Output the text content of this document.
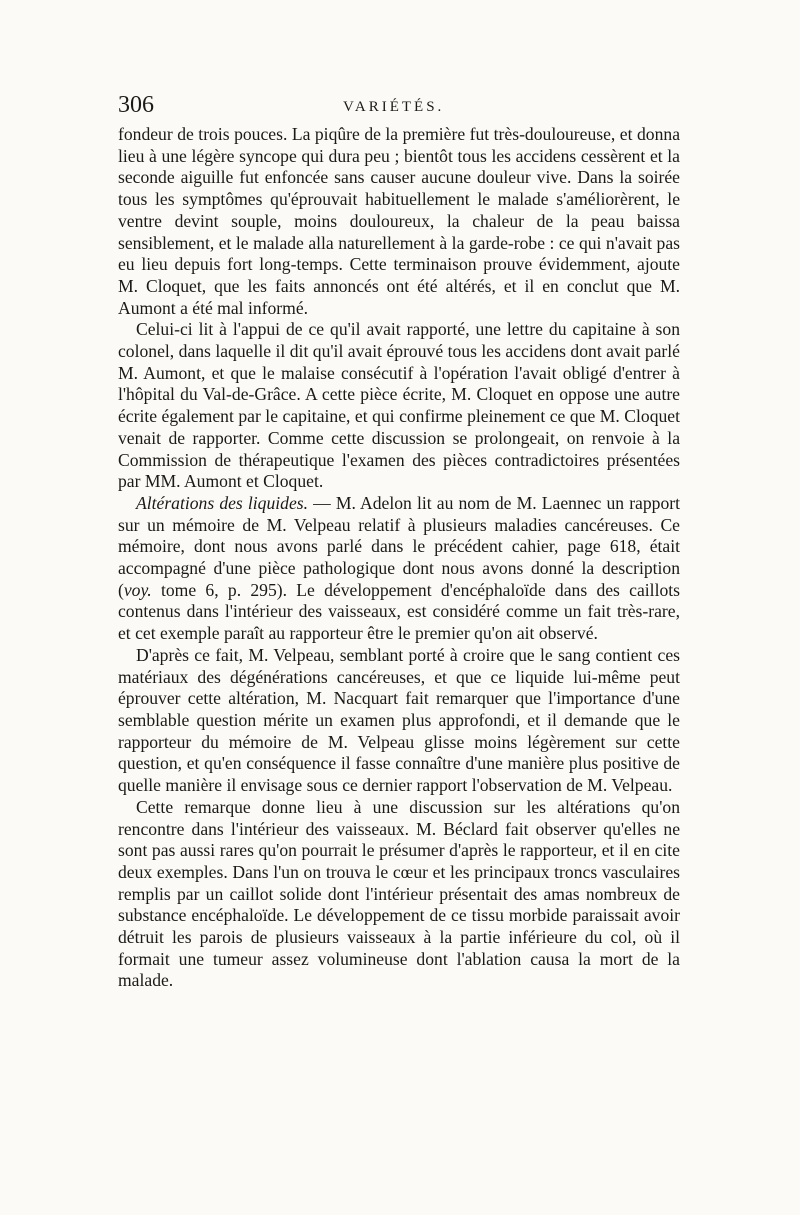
306	VARIÉTÉS.

fondeur de trois pouces. La piqûre de la première fut très-douloureuse, et donna lieu à une légère syncope qui dura peu ; bientôt tous les accidens cessèrent et la seconde aiguille fut enfoncée sans causer aucune douleur vive. Dans la soirée tous les symptômes qu'éprouvait habituellement le malade s'améliorèrent, le ventre devint souple, moins douloureux, la chaleur de la peau baissa sensiblement, et le malade alla naturellement à la garde-robe : ce qui n'avait pas eu lieu depuis fort long-temps. Cette terminaison prouve évidemment, ajoute M. Cloquet, que les faits annoncés ont été altérés, et il en conclut que M. Aumont a été mal informé.

Celui-ci lit à l'appui de ce qu'il avait rapporté, une lettre du capitaine à son colonel, dans laquelle il dit qu'il avait éprouvé tous les accidens dont avait parlé M. Aumont, et que le malaise consécutif à l'opération l'avait obligé d'entrer à l'hôpital du Val-de-Grâce. A cette pièce écrite, M. Cloquet en oppose une autre écrite également par le capitaine, et qui confirme pleinement ce que M. Cloquet venait de rapporter. Comme cette discussion se prolongeait, on renvoie à la Commission de thérapeutique l'examen des pièces contradictoires présentées par MM. Aumont et Cloquet.

Altérations des liquides. — M. Adelon lit au nom de M. Laennec un rapport sur un mémoire de M. Velpeau relatif à plusieurs maladies cancéreuses. Ce mémoire, dont nous avons parlé dans le précédent cahier, page 618, était accompagné d'une pièce pathologique dont nous avons donné la description (voy. tome 6, p. 295). Le développement d'encéphaloïde dans des caillots contenus dans l'intérieur des vaisseaux, est considéré comme un fait très-rare, et cet exemple paraît au rapporteur être le premier qu'on ait observé.

D'après ce fait, M. Velpeau, semblant porté à croire que le sang contient ces matériaux des dégénérations cancéreuses, et que ce liquide lui-même peut éprouver cette altération, M. Nacquart fait remarquer que l'importance d'une semblable question mérite un examen plus approfondi, et il demande que le rapporteur du mémoire de M. Velpeau glisse moins légèrement sur cette question, et qu'en conséquence il fasse connaître d'une manière plus positive de quelle manière il envisage sous ce dernier rapport l'observation de M. Velpeau.

Cette remarque donne lieu à une discussion sur les altérations qu'on rencontre dans l'intérieur des vaisseaux. M. Béclard fait observer qu'elles ne sont pas aussi rares qu'on pourrait le présumer d'après le rapporteur, et il en cite deux exemples. Dans l'un on trouva le cœur et les principaux troncs vasculaires remplis par un caillot solide dont l'intérieur présentait des amas nombreux de substance encéphaloïde. Le développement de ce tissu morbide paraissait avoir détruit les parois de plusieurs vaisseaux à la partie inférieure du col, où il formait une tumeur assez volumineuse dont l'ablation causa la mort de la malade.
